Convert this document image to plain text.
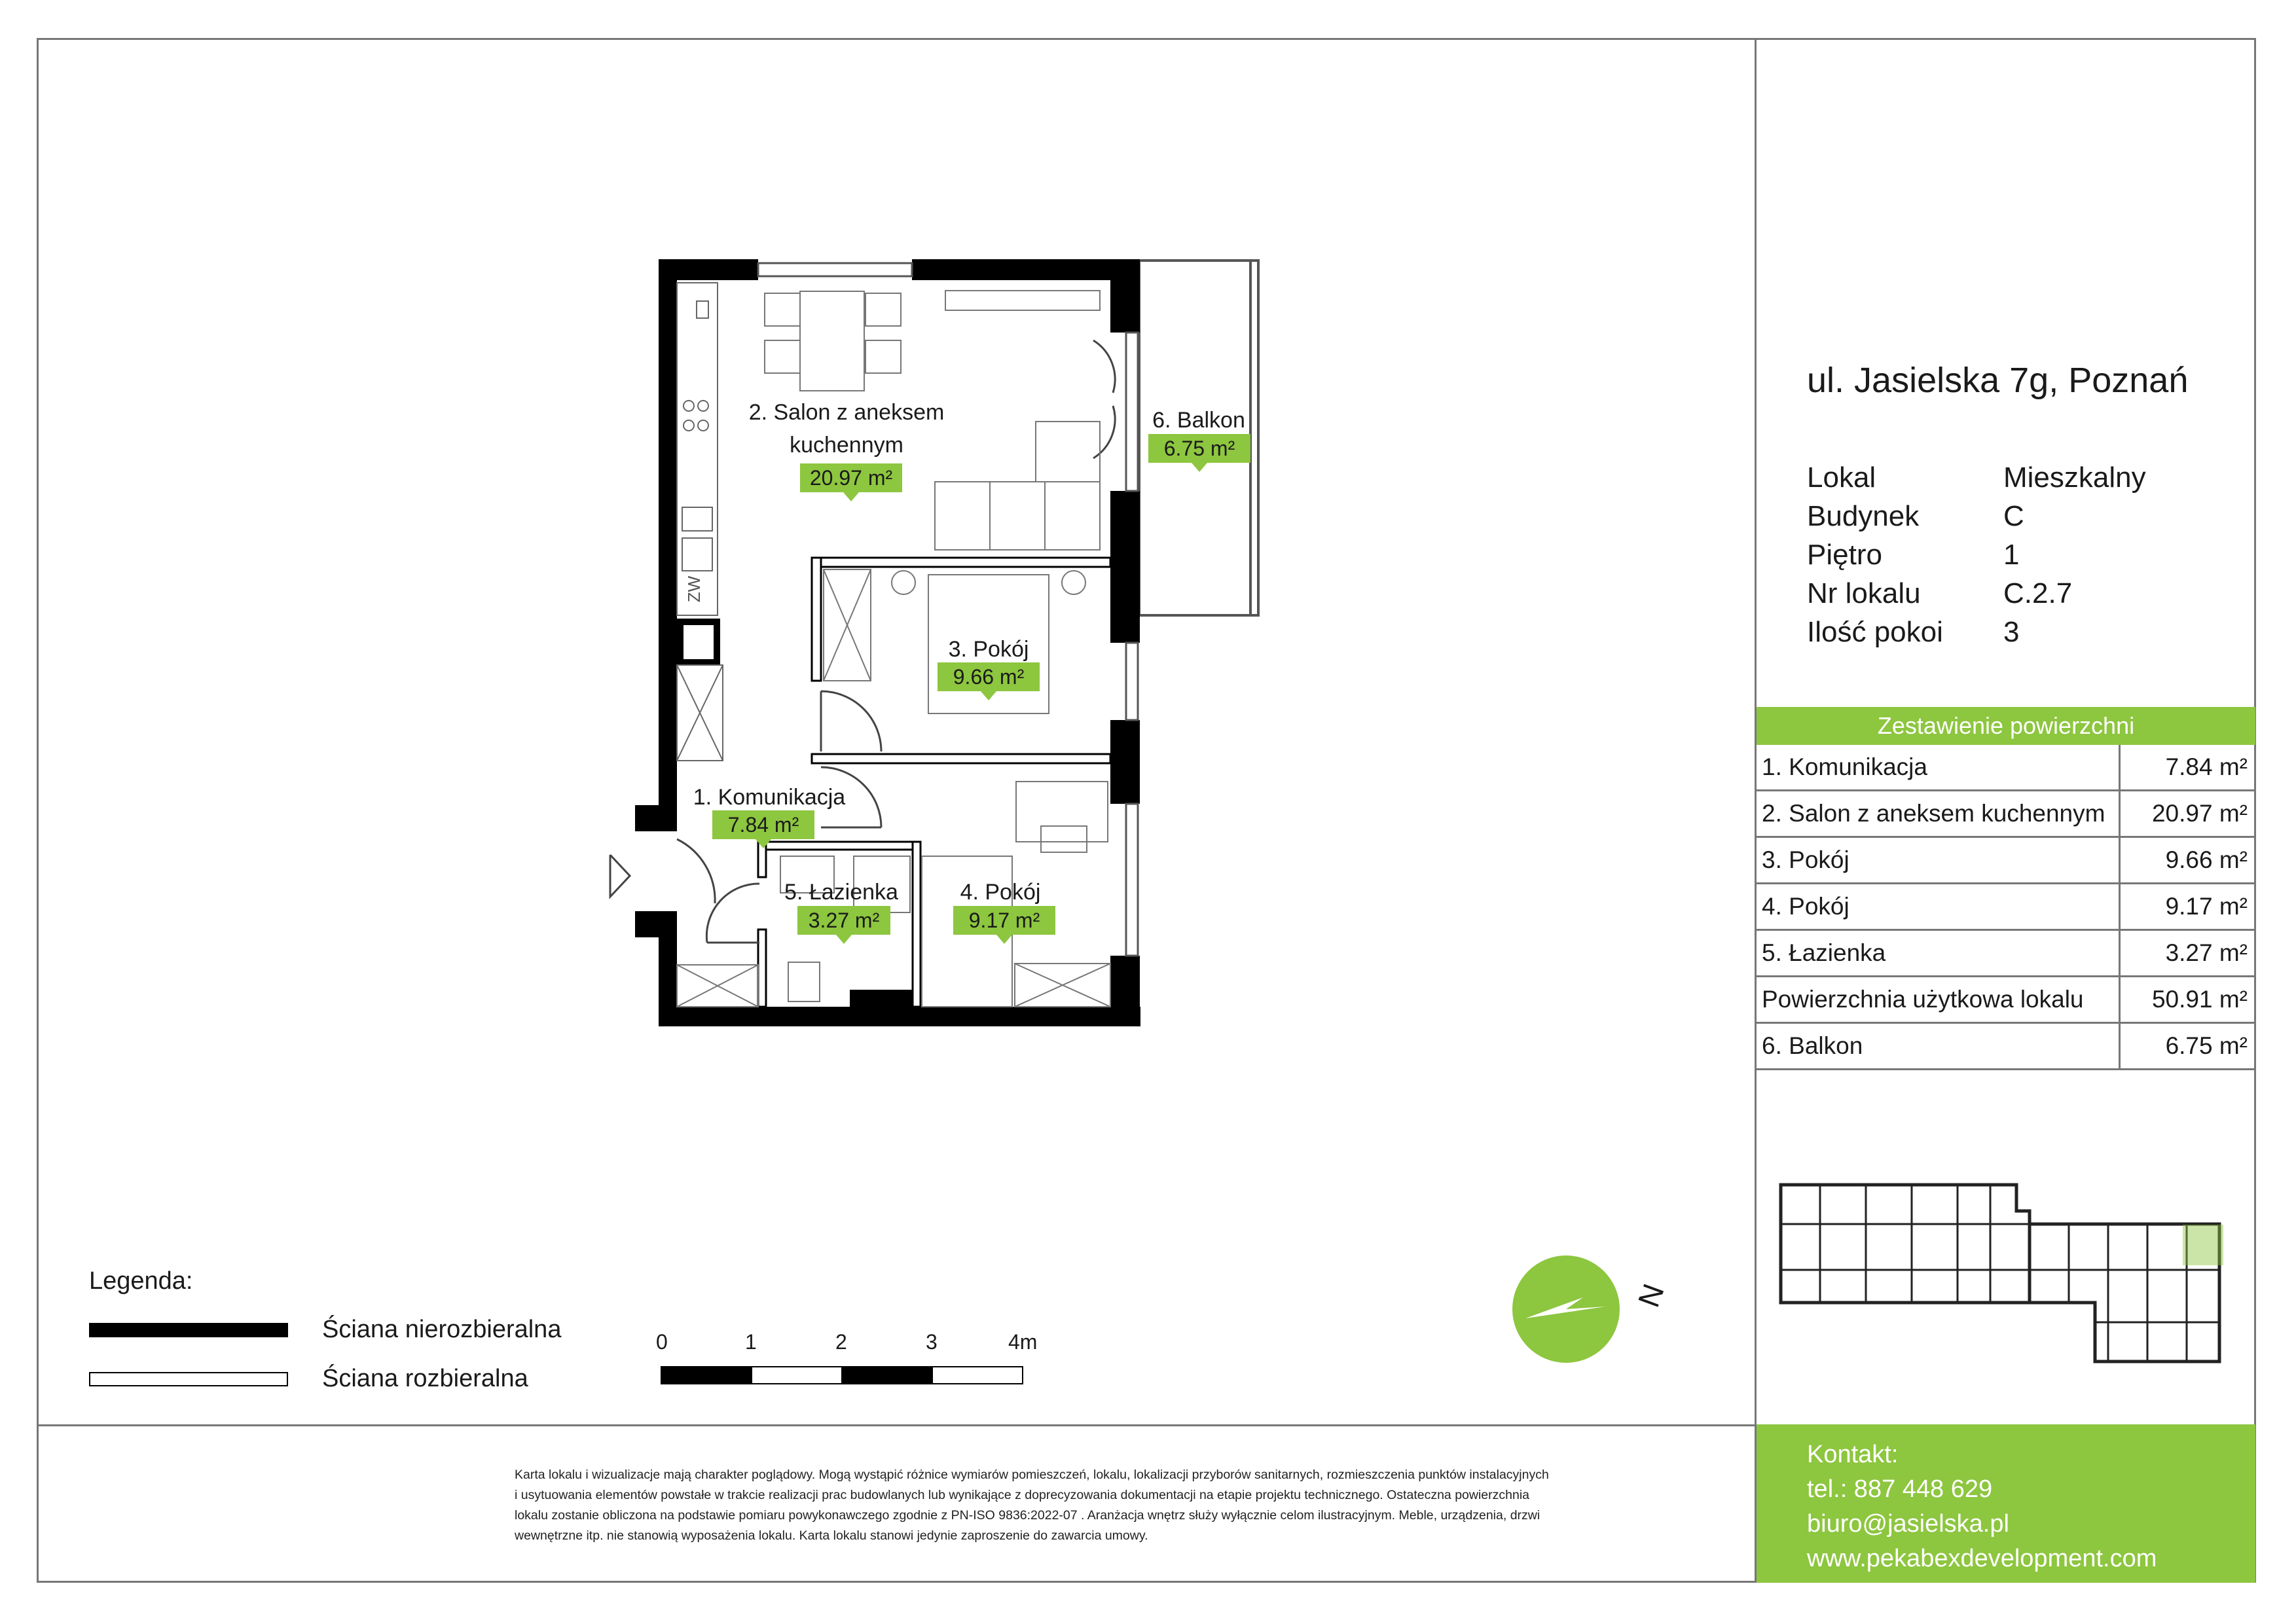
ZW
N
2. Salon z aneksem
kuchennym
20.97 m²
6. Balkon
6.75 m²
3. Pokój
9.66 m²
1. Komunikacja
7.84 m²
5. Łazienka
3.27 m²
4. Pokój
9.17 m²
Legenda:
Ściana nierozbieralna
Ściana rozbieralna
0	1	2	3	4m
ul. Jasielska 7g, Poznań
Lokal	Mieszkalny
Budynek	C
Piętro	1
Nr lokalu	C.2.7
Ilość pokoi	3
Zestawienie powierzchni
1. Komunikacja	7.84 m²
2. Salon z aneksem kuchennym	20.97 m²
3. Pokój	9.66 m²
4. Pokój	9.17 m²
5. Łazienka	3.27 m²
Powierzchnia użytkowa lokalu	50.91 m²
6. Balkon	6.75 m²
Karta lokalu i wizualizacje mają charakter poglądowy. Mogą wystąpić różnice wymiarów pomieszczeń, lokalu, lokalizacji przyborów sanitarnych, rozmieszczenia punktów instalacyjnych
i usytuowania elementów powstałe w trakcie realizacji prac budowlanych lub wynikające z doprecyzowania dokumentacji na etapie projektu technicznego. Ostateczna powierzchnia
lokalu zostanie obliczona na podstawie pomiaru powykonawczego zgodnie z PN-ISO 9836:2022-07 . Aranżacja wnętrz służy wyłącznie celom ilustracyjnym. Meble, urządzenia, drzwi
wewnętrzne itp. nie stanowią wyposażenia lokalu. Karta lokalu stanowi jedynie zaproszenie do zawarcia umowy.
Kontakt:
tel.: 887 448 629
biuro@jasielska.pl
www.pekabexdevelopment.com
